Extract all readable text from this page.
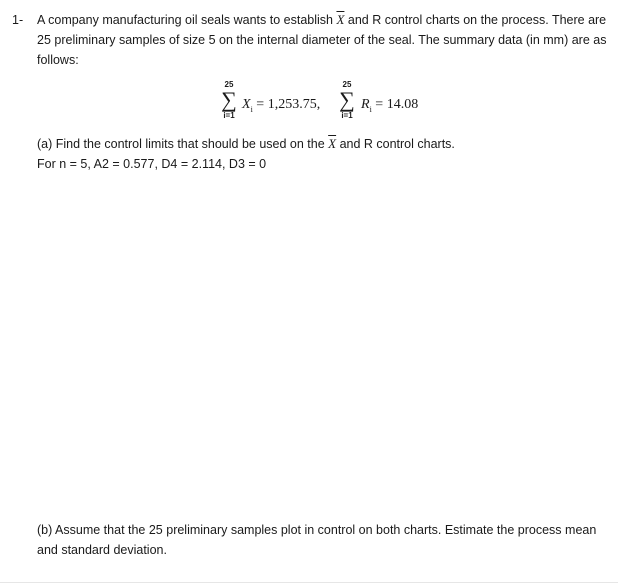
1- A company manufacturing oil seals wants to establish $\overline{X}$ and R control charts on the process. There are 25 preliminary samples of size 5 on the internal diameter of the seal. The summary data (in mm) are as follows:

25
∑
i=1
$X_i = 1,253.75$,
25
∑
i=1
$R_i = 14.08$

(a) Find the control limits that should be used on the $\overline{X}$ and R control charts.

For n = 5, A2 = 0.577, D4 = 2.114, D3 = 0

(b) Assume that the 25 preliminary samples plot in control on both charts. Estimate the process mean and standard deviation.
